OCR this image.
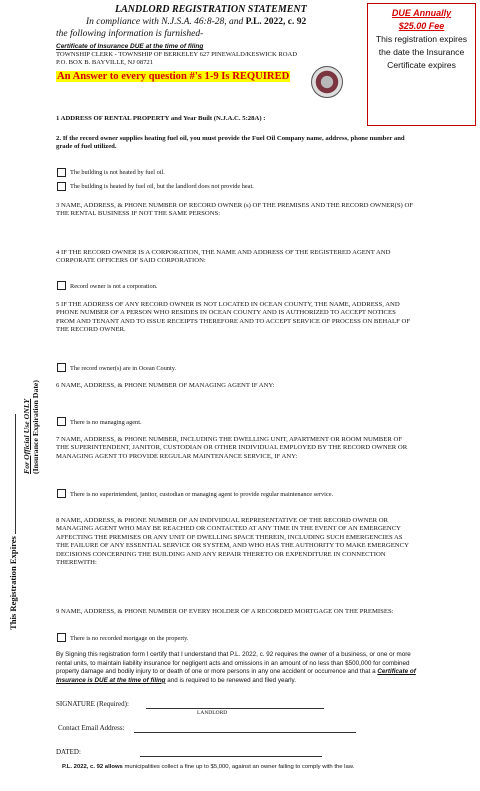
LANDLORD REGISTRATION STATEMENT
In compliance with N.J.S.A. 46:8-28, and P.L. 2022, c. 92
the following information is furnished-
Certificate of Insurance DUE at the time of filing
TOWNSHIP CLERK - TOWNSHIP OF BERKELEY 627 PINEWALD/KESWICK ROAD
P.O. BOX B. BAYVILLE, NJ 08721
An Answer to every question #'s 1-9 Is REQUIRED
DUE Annually
$25.00 Fee
This registration expires the date the Insurance Certificate expires
This Registration Expires
For Official Use ONLY
(Insurance Expiration Date)
1 ADDRESS OF RENTAL PROPERTY and Year Built (N.J.A.C. 5:28A) :
2. If the record owner supplies heating fuel oil, you must provide the Fuel Oil Company name, address, phone number and grade of fuel utilized.
The building is not heated by fuel oil.
The building is heated by fuel oil, but the landlord does not provide heat.
3 NAME, ADDRESS, & PHONE NUMBER OF RECORD OWNER (s) OF THE PREMISES AND THE RECORD OWNER(S) OF THE RENTAL BUSINESS IF NOT THE SAME PERSONS:
4 IF THE RECORD OWNER IS A CORPORATION, THE NAME AND ADDRESS OF THE REGISTERED AGENT AND CORPORATE OFFICERS OF SAID CORPORATION:
Record owner is not a corporation.
5 IF THE ADDRESS OF ANY RECORD OWNER IS NOT LOCATED IN OCEAN COUNTY, THE NAME, ADDRESS, AND PHONE NUMBER OF A PERSON WHO RESIDES IN OCEAN COUNTY AND IS AUTHORIZED TO ACCEPT NOTICES FROM AND TENANT AND TO ISSUE RECEIPTS THEREFORE AND TO ACCEPT SERVICE OF PROCESS ON BEHALF OF THE RECORD OWNER.
The record owner(s) are in Ocean County.
6 NAME, ADDRESS, & PHONE NUMBER OF MANAGING AGENT IF ANY:
There is no managing agent.
7 NAME, ADDRESS, & PHONE NUMBER, INCLUDING THE DWELLING UNIT, APARTMENT OR ROOM NUMBER OF THE SUPERINTENDENT, JANITOR, CUSTODIAN OR OTHER INDIVIDUAL EMPLOYED BY THE RECORD OWNER OR MANAGING AGENT TO PROVIDE REGULAR MAINTENANCE SERVICE, IF ANY:
There is no superintendent, janitor, custodian or managing agent to provide regular maintenance service.
8 NAME, ADDRESS, & PHONE NUMBER OF AN INDIVIDUAL REPRESENTATIVE OF THE RECORD OWNER OR MANAGING AGENT WHO MAY BE REACHED OR CONTACTED AT ANY TIME IN THE EVENT OF AN EMERGENCY AFFECTING THE PREMISES OR ANY UNIT OF DWELLING SPACE THEREIN, INCLUDING SUCH EMERGENCIES AS THE FAILURE OF ANY ESSENTIAL SERVICE OR SYSTEM, AND WHO HAS THE AUTHORITY TO MAKE EMERGENCY DECISIONS CONCERNING THE BUILDING AND ANY REPAIR THERETO OR EXPENDITURE IN CONNECTION THEREWITH:
9 NAME, ADDRESS, & PHONE NUMBER OF EVERY HOLDER OF A RECORDED MORTGAGE ON THE PREMISES:
There is no recorded mortgage on the property.
By Signing this registration form I certify that I understand that P.L. 2022, c. 92 requires the owner of a business, or one or more rental units, to maintain liability insurance for negligent acts and omissions in an amount of no less than $500,000 for combined property damage and bodily injury to or death of one or more persons in any one accident or occurrence and that a Certificate of Insurance is DUE at the time of filing and is required to be renewed and filed yearly.
SIGNATURE (Required):
LANDLORD
Contact Email Address:
DATED:
P.L. 2022, c. 92 allows municipalities collect a fine up to $5,000, against an owner failing to comply with the law.
